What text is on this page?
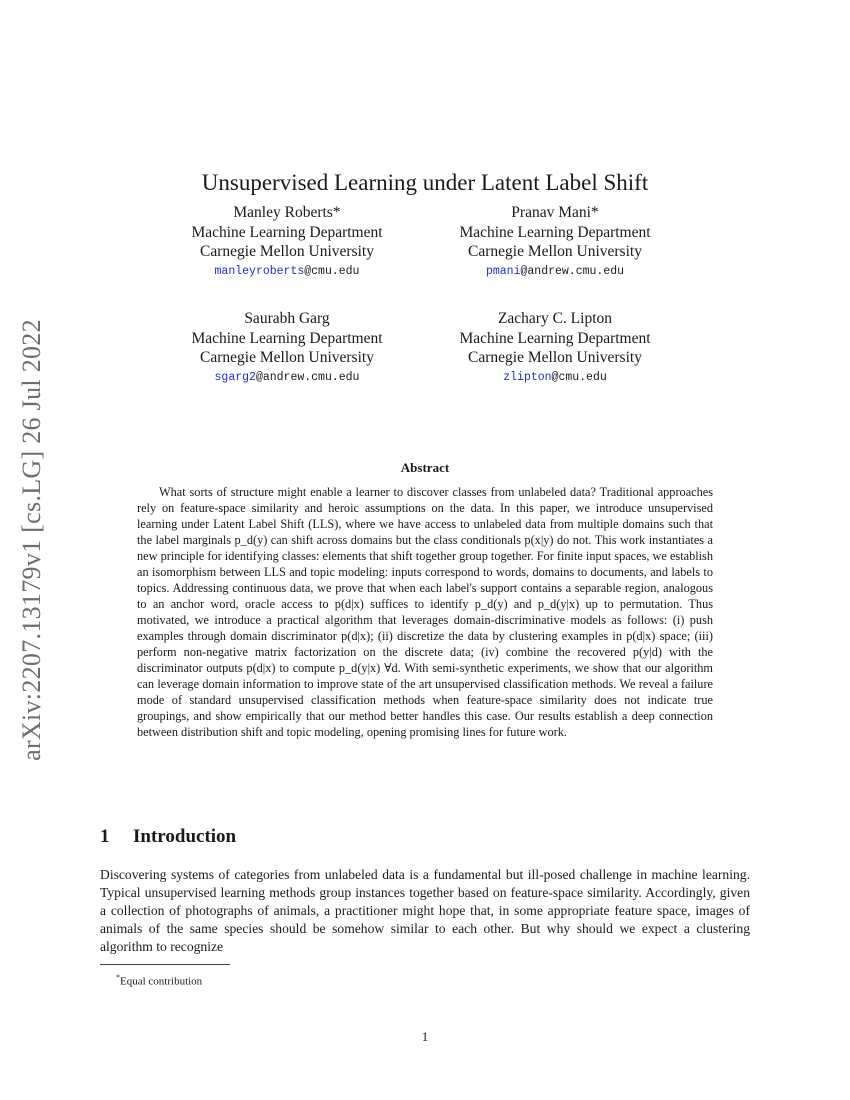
arXiv:2207.13179v1 [cs.LG] 26 Jul 2022
Unsupervised Learning under Latent Label Shift
Manley Roberts*
Machine Learning Department
Carnegie Mellon University
manleyroberts@cmu.edu
Pranav Mani*
Machine Learning Department
Carnegie Mellon University
pmani@andrew.cmu.edu
Saurabh Garg
Machine Learning Department
Carnegie Mellon University
sgarg2@andrew.cmu.edu
Zachary C. Lipton
Machine Learning Department
Carnegie Mellon University
zlipton@cmu.edu
Abstract

What sorts of structure might enable a learner to discover classes from unlabeled data? Traditional approaches rely on feature-space similarity and heroic assumptions on the data. In this paper, we introduce unsupervised learning under Latent Label Shift (LLS), where we have access to unlabeled data from multiple domains such that the label marginals p_d(y) can shift across domains but the class conditionals p(x|y) do not. This work instantiates a new principle for identifying classes: elements that shift together group together. For finite input spaces, we establish an isomorphism between LLS and topic modeling: inputs correspond to words, domains to documents, and labels to topics. Addressing continuous data, we prove that when each label's support contains a separable region, analogous to an anchor word, oracle access to p(d|x) suffices to identify p_d(y) and p_d(y|x) up to permutation. Thus motivated, we introduce a practical algorithm that leverages domain-discriminative models as follows: (i) push examples through domain discriminator p(d|x); (ii) discretize the data by clustering examples in p(d|x) space; (iii) perform non-negative matrix factorization on the discrete data; (iv) combine the recovered p(y|d) with the discriminator outputs p(d|x) to compute p_d(y|x) ∀d. With semi-synthetic experiments, we show that our algorithm can leverage domain information to improve state of the art unsupervised classification methods. We reveal a failure mode of standard unsupervised classification methods when feature-space similarity does not indicate true groupings, and show empirically that our method better handles this case. Our results establish a deep connection between distribution shift and topic modeling, opening promising lines for future work.

1 Introduction

Discovering systems of categories from unlabeled data is a fundamental but ill-posed challenge in machine learning. Typical unsupervised learning methods group instances together based on feature-space similarity. Accordingly, given a collection of photographs of animals, a practitioner might hope that, in some appropriate feature space, images of animals of the same species should be somehow similar to each other. But why should we expect a clustering algorithm to recognize

*Equal contribution
1
